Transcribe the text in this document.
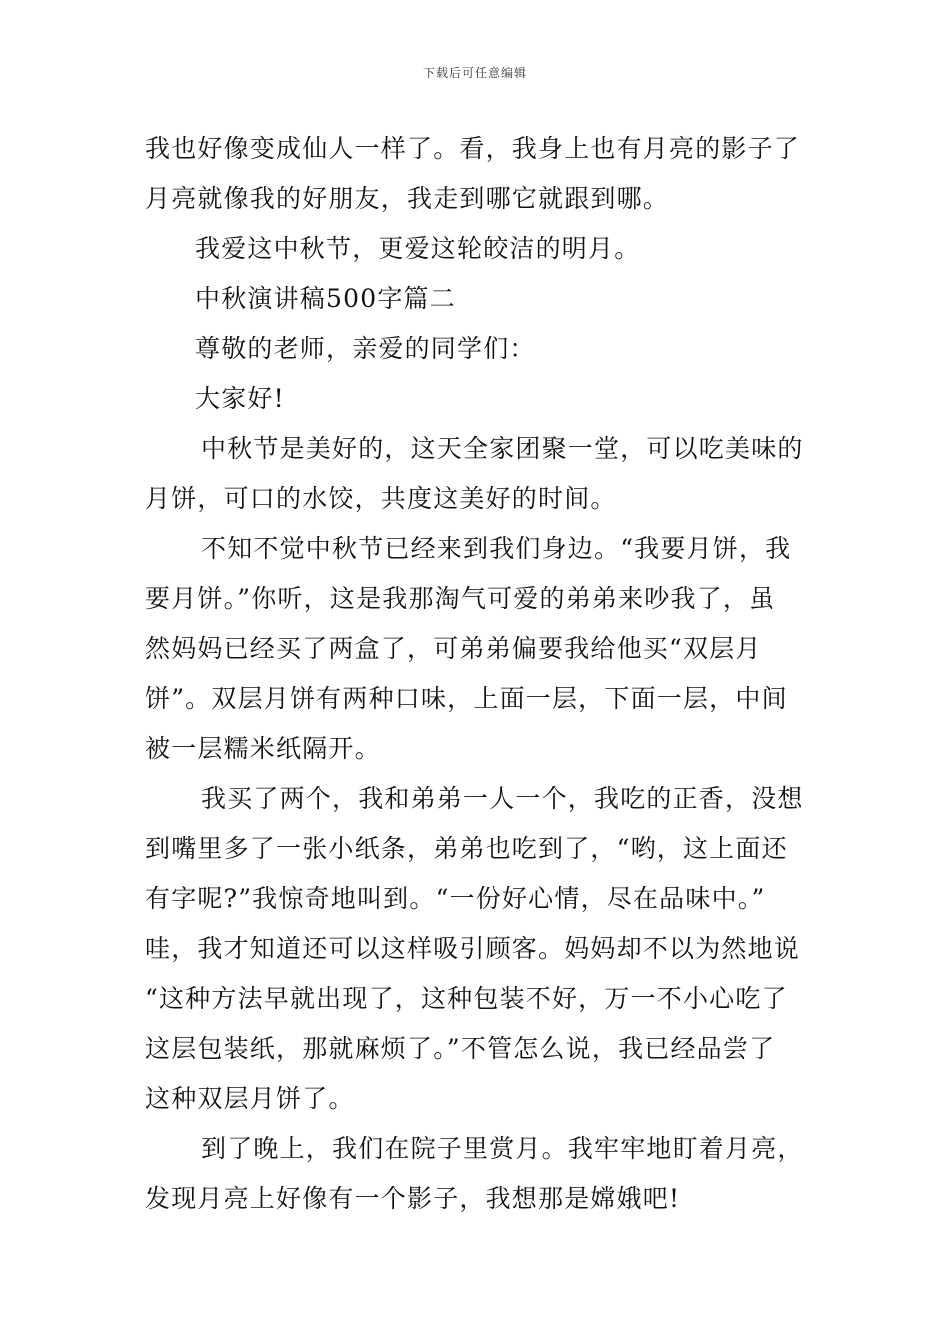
下载后可任意编辑
我也好像变成仙人一样了。看，我身上也有月亮的影子了
月亮就像我的好朋友，我走到哪它就跟到哪。
我爱这中秋节，更爱这轮皎洁的明月。
中秋演讲稿500字篇二
尊敬的老师，亲爱的同学们：
大家好!
中秋节是美好的，这天全家团聚一堂，可以吃美味的
月饼，可口的水饺，共度这美好的时间。
不知不觉中秋节已经来到我们身边。“我要月饼，我
要月饼。”你听，这是我那淘气可爱的弟弟来吵我了，虽
然妈妈已经买了两盒了，可弟弟偏要我给他买“双层月
饼”。双层月饼有两种口味，上面一层，下面一层，中间
被一层糯米纸隔开。
我买了两个，我和弟弟一人一个，我吃的正香，没想
到嘴里多了一张小纸条，弟弟也吃到了，“哟，这上面还
有字呢?”我惊奇地叫到。“一份好心情，尽在品味中。”
哇，我才知道还可以这样吸引顾客。妈妈却不以为然地说
“这种方法早就出现了，这种包装不好，万一不小心吃了
这层包装纸，那就麻烦了。”不管怎么说，我已经品尝了
这种双层月饼了。
到了晚上，我们在院子里赏月。我牢牢地盯着月亮，
发现月亮上好像有一个影子，我想那是嫦娥吧!
